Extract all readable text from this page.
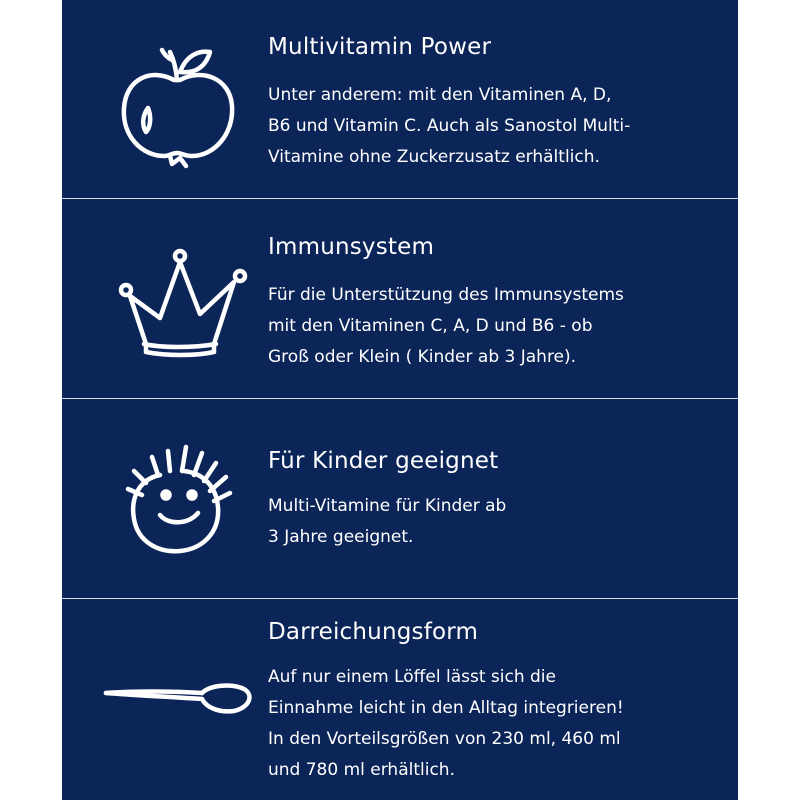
Multivitamin Power

Unter anderem: mit den Vitaminen A, D,
B6 und Vitamin C. Auch als Sanostol Multi-
Vitamine ohne Zuckerzusatz erhältlich.

Immunsystem

Für die Unterstützung des Immunsystems
mit den Vitaminen C, A, D und B6 - ob
Groß oder Klein ( Kinder ab 3 Jahre).

Für Kinder geeignet

Multi-Vitamine für Kinder ab
3 Jahre geeignet.

Darreichungsform

Auf nur einem Löffel lässt sich die
Einnahme leicht in den Alltag integrieren!
In den Vorteilsgrößen von 230 ml, 460 ml
und 780 ml erhältlich.
